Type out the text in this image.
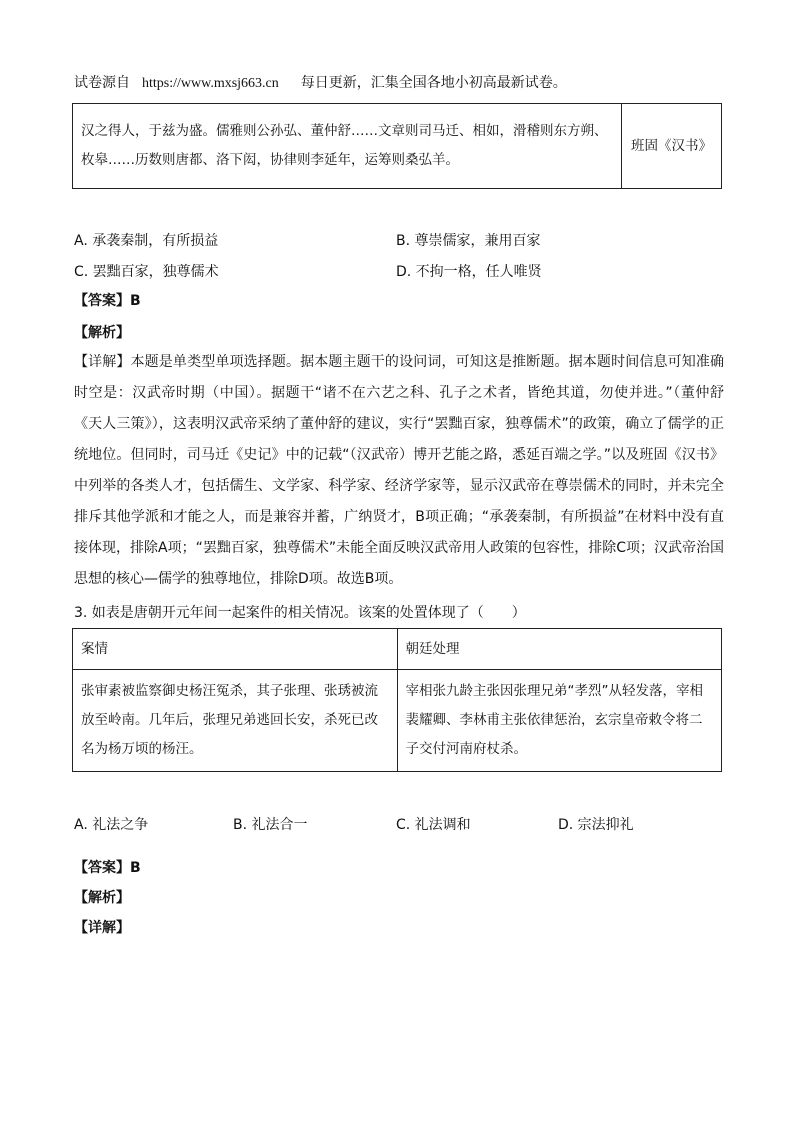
试卷源自 https://www.mxsj663.cn 每日更新，汇集全国各地小初高最新试卷。
汉之得人，于兹为盛。儒雅则公孙弘、董仲舒……文章则司马迁、相如，滑稽则东方朔、枚皋……历数则唐都、洛下闳，协律则李延年，运筹则桑弘羊。	班固《汉书》
A. 承袭秦制，有所损益	B. 尊崇儒家，兼用百家
C. 罢黜百家，独尊儒术	D. 不拘一格，任人唯贤
【答案】B
【解析】
【详解】本题是单类型单项选择题。据本题主题干的设问词，可知这是推断题。据本题时间信息可知准确时空是：汉武帝时期（中国）。据题干“诸不在六艺之科、孔子之术者，皆绝其道，勿使并进。”（董仲舒《天人三策》），这表明汉武帝采纳了董仲舒的建议，实行“罢黜百家，独尊儒术”的政策，确立了儒学的正统地位。但同时，司马迁《史记》中的记载“（汉武帝）博开艺能之路，悉延百端之学。”以及班固《汉书》中列举的各类人才，包括儒生、文学家、科学家、经济学家等，显示汉武帝在尊崇儒术的同时，并未完全排斥其他学派和才能之人，而是兼容并蓄，广纳贤才，B项正确；“承袭秦制，有所损益”在材料中没有直接体现，排除A项；“罢黜百家，独尊儒术”未能全面反映汉武帝用人政策的包容性，排除C项；汉武帝治国思想的核心—儒学的独尊地位，排除D项。故选B项。
3. 如表是唐朝开元年间一起案件的相关情况。该案的处置体现了（　　）
案情	朝廷处理
张审素被监察御史杨汪冤杀，其子张理、张琇被流放至岭南。几年后，张理兄弟逃回长安，杀死已改名为杨万顷的杨汪。	宰相张九龄主张因张理兄弟“孝烈”从轻发落，宰相裴耀卿、李林甫主张依律惩治，玄宗皇帝敕令将二子交付河南府杖杀。
A. 礼法之争	B. 礼法合一	C. 礼法调和	D. 宗法抑礼
【答案】B
【解析】
【详解】
